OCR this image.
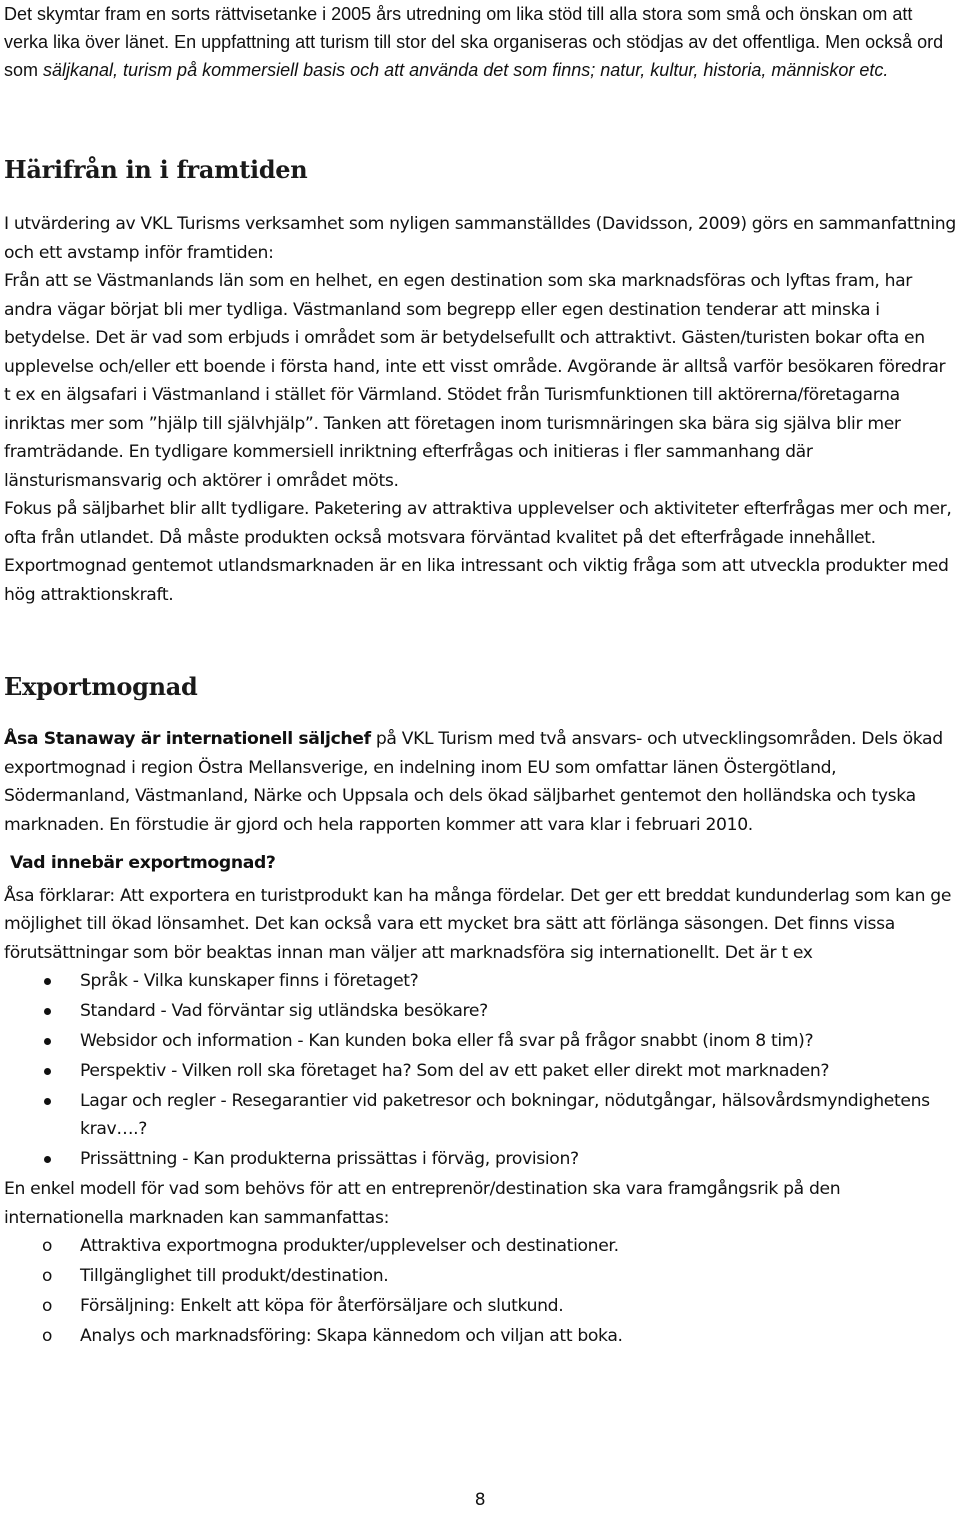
Det skymtar fram en sorts rättvisetanke i 2005 års utredning om lika stöd till alla stora som små och önskan om att verka lika över länet. En uppfattning att turism till stor del ska organiseras och stödjas av det offentliga. Men också ord som säljkanal, turism på kommersiell basis och att använda det som finns; natur, kultur, historia, människor etc.

Härifrån in i framtiden

I utvärdering av VKL Turisms verksamhet som nyligen sammanställdes (Davidsson, 2009) görs en sammanfattning och ett avstamp inför framtiden:

Från att se Västmanlands län som en helhet, en egen destination som ska marknadsföras och lyftas fram, har andra vägar börjat bli mer tydliga. Västmanland som begrepp eller egen destination tenderar att minska i betydelse. Det är vad som erbjuds i området som är betydelsefullt och attraktivt. Gästen/turisten bokar ofta en upplevelse och/eller ett boende i första hand, inte ett visst område. Avgörande är alltså varför besökaren föredrar t ex en älgsafari i Västmanland i stället för Värmland. Stödet från Turismfunktionen till aktörerna/företagarna inriktas mer som ”hjälp till självhjälp”. Tanken att företagen inom turismnäringen ska bära sig själva blir mer framträdande. En tydligare kommersiell inriktning efterfrågas och initieras i fler sammanhang där länsturismansvarig och aktörer i området möts.

Fokus på säljbarhet blir allt tydligare. Paketering av attraktiva upplevelser och aktiviteter efterfrågas mer och mer, ofta från utlandet. Då måste produkten också motsvara förväntad kvalitet på det efterfrågade innehållet. Exportmognad gentemot utlandsmarknaden är en lika intressant och viktig fråga som att utveckla produkter med hög attraktionskraft.

Exportmognad

Åsa Stanaway är internationell säljchef på VKL Turism med två ansvars- och utvecklingsområden. Dels ökad exportmognad i region Östra Mellansverige, en indelning inom EU som omfattar länen Östergötland, Södermanland, Västmanland, Närke och Uppsala och dels ökad säljbarhet gentemot den holländska och tyska marknaden. En förstudie är gjord och hela rapporten kommer att vara klar i februari 2010.

Vad innebär exportmognad?

Åsa förklarar: Att exportera en turistprodukt kan ha många fördelar. Det ger ett breddat kundunderlag som kan ge möjlighet till ökad lönsamhet. Det kan också vara ett mycket bra sätt att förlänga säsongen. Det finns vissa förutsättningar som bör beaktas innan man väljer att marknadsföra sig internationellt. Det är t ex

Språk - Vilka kunskaper finns i företaget?
Standard - Vad förväntar sig utländska besökare?
Websidor och information - Kan kunden boka eller få svar på frågor snabbt (inom 8 tim)?
Perspektiv - Vilken roll ska företaget ha? Som del av ett paket eller direkt mot marknaden?
Lagar och regler - Resegarantier vid paketresor och bokningar, nödutgångar, hälsovårdsmyndighetens krav….?
Prissättning - Kan produkterna prissättas i förväg, provision?

En enkel modell för vad som behövs för att en entreprenör/destination ska vara framgångsrik på den internationella marknaden kan sammanfattas:

o Attraktiva exportmogna produkter/upplevelser och destinationer.
o Tillgänglighet till produkt/destination.
o Försäljning: Enkelt att köpa för återförsäljare och slutkund.
o Analys och marknadsföring: Skapa kännedom och viljan att boka.
8
